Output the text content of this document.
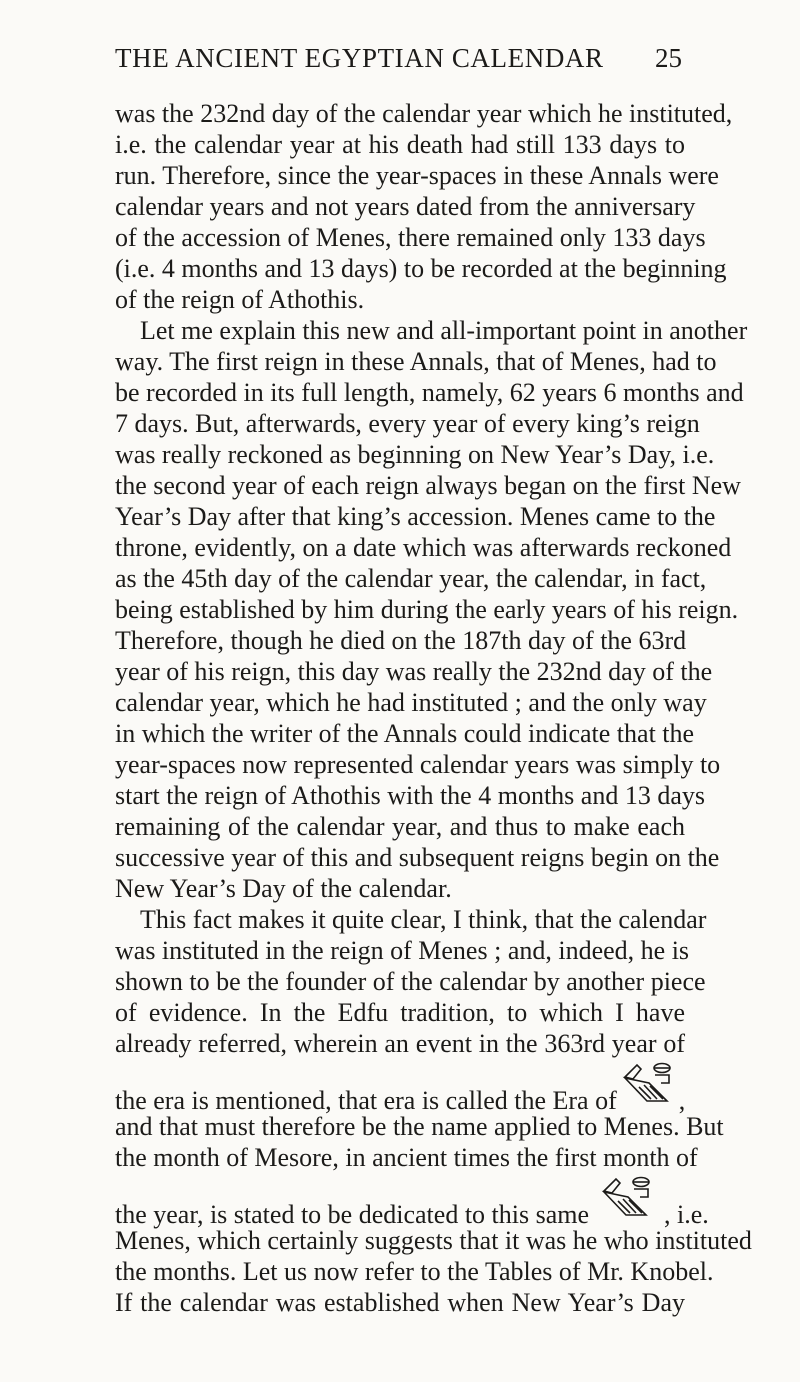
THE ANCIENT EGYPTIAN CALENDAR 25
was the 232nd day of the calendar year which he instituted,
i.e. the calendar year at his death had still 133 days to
run. Therefore, since the year-spaces in these Annals were
calendar years and not years dated from the anniversary
of the accession of Menes, there remained only 133 days
(i.e. 4 months and 13 days) to be recorded at the beginning
of the reign of Athothis.
Let me explain this new and all-important point in another
way. The first reign in these Annals, that of Menes, had to
be recorded in its full length, namely, 62 years 6 months and
7 days. But, afterwards, every year of every king’s reign
was really reckoned as beginning on New Year’s Day, i.e.
the second year of each reign always began on the first New
Year’s Day after that king’s accession. Menes came to the
throne, evidently, on a date which was afterwards reckoned
as the 45th day of the calendar year, the calendar, in fact,
being established by him during the early years of his reign.
Therefore, though he died on the 187th day of the 63rd
year of his reign, this day was really the 232nd day of the
calendar year, which he had instituted ; and the only way
in which the writer of the Annals could indicate that the
year-spaces now represented calendar years was simply to
start the reign of Athothis with the 4 months and 13 days
remaining of the calendar year, and thus to make each
successive year of this and subsequent reigns begin on the
New Year’s Day of the calendar.
This fact makes it quite clear, I think, that the calendar
was instituted in the reign of Menes ; and, indeed, he is
shown to be the founder of the calendar by another piece
of evidence. In the Edfu tradition, to which I have
already referred, wherein an event in the 363rd year of
the era is mentioned, that era is called the Era of ,
and that must therefore be the name applied to Menes. But
the month of Mesore, in ancient times the first month of
the year, is stated to be dedicated to this same	, i.e.
Menes, which certainly suggests that it was he who instituted
the months. Let us now refer to the Tables of Mr. Knobel.
If the calendar was established when New Year’s Day
